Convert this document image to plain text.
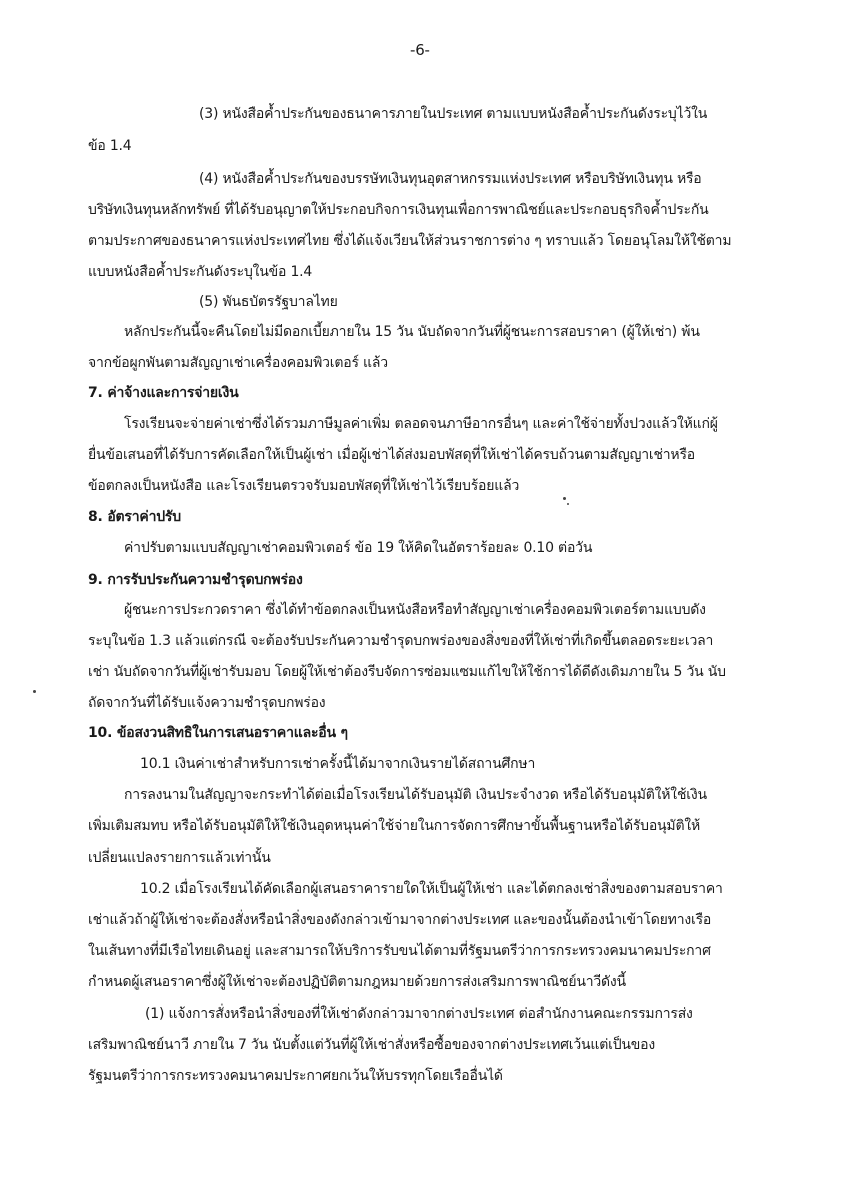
-6-
(3) หนังสือค้ำประกันของธนาคารภายในประเทศ ตามแบบหนังสือค้ำประกันดังระบุไว้ใน
ข้อ 1.4
(4) หนังสือค้ำประกันของบรรษัทเงินทุนอุตสาหกรรมแห่งประเทศ หรือบริษัทเงินทุน หรือ
บริษัทเงินทุนหลักทรัพย์ ที่ได้รับอนุญาตให้ประกอบกิจการเงินทุนเพื่อการพาณิชย์และประกอบธุรกิจค้ำประกัน
ตามประกาศของธนาคารแห่งประเทศไทย ซึ่งได้แจ้งเวียนให้ส่วนราชการต่าง ๆ ทราบแล้ว โดยอนุโลมให้ใช้ตาม
แบบหนังสือค้ำประกันดังระบุในข้อ 1.4
(5) พันธบัตรรัฐบาลไทย
หลักประกันนี้จะคืนโดยไม่มีดอกเบี้ยภายใน 15 วัน นับถัดจากวันที่ผู้ชนะการสอบราคา (ผู้ให้เช่า) พ้น
จากข้อผูกพันตามสัญญาเช่าเครื่องคอมพิวเตอร์ แล้ว
7. ค่าจ้างและการจ่ายเงิน
โรงเรียนจะจ่ายค่าเช่าซึ่งได้รวมภาษีมูลค่าเพิ่ม ตลอดจนภาษีอากรอื่นๆ และค่าใช้จ่ายทั้งปวงแล้วให้แก่ผู้
ยื่นข้อเสนอที่ได้รับการคัดเลือกให้เป็นผู้เช่า เมื่อผู้เช่าได้ส่งมอบพัสดุที่ให้เช่าได้ครบถ้วนตามสัญญาเช่าหรือ
ข้อตกลงเป็นหนังสือ และโรงเรียนตรวจรับมอบพัสดุที่ให้เช่าไว้เรียบร้อยแล้ว
8. อัตราค่าปรับ
ค่าปรับตามแบบสัญญาเช่าคอมพิวเตอร์ ข้อ 19 ให้คิดในอัตราร้อยละ 0.10 ต่อวัน
9. การรับประกันความชำรุดบกพร่อง
ผู้ชนะการประกวดราคา ซึ่งได้ทำข้อตกลงเป็นหนังสือหรือทำสัญญาเช่าเครื่องคอมพิวเตอร์ตามแบบดัง
ระบุในข้อ 1.3 แล้วแต่กรณี จะต้องรับประกันความชำรุดบกพร่องของสิ่งของที่ให้เช่าที่เกิดขึ้นตลอดระยะเวลา
เช่า นับถัดจากวันที่ผู้เช่ารับมอบ โดยผู้ให้เช่าต้องรีบจัดการซ่อมแซมแก้ไขให้ใช้การได้ดีดังเดิมภายใน 5 วัน นับ
ถัดจากวันที่ได้รับแจ้งความชำรุดบกพร่อง
10. ข้อสงวนสิทธิในการเสนอราคาและอื่น ๆ
10.1 เงินค่าเช่าสำหรับการเช่าครั้งนี้ได้มาจากเงินรายได้สถานศึกษา
การลงนามในสัญญาจะกระทำได้ต่อเมื่อโรงเรียนได้รับอนุมัติ เงินประจำงวด หรือได้รับอนุมัติให้ใช้เงิน
เพิ่มเติมสมทบ หรือได้รับอนุมัติให้ใช้เงินอุดหนุนค่าใช้จ่ายในการจัดการศึกษาขั้นพื้นฐานหรือได้รับอนุมัติให้
เปลี่ยนแปลงรายการแล้วเท่านั้น
10.2 เมื่อโรงเรียนได้คัดเลือกผู้เสนอราคารายใดให้เป็นผู้ให้เช่า และได้ตกลงเช่าสิ่งของตามสอบราคา
เช่าแล้วถ้าผู้ให้เช่าจะต้องสั่งหรือนำสิ่งของดังกล่าวเข้ามาจากต่างประเทศ และของนั้นต้องนำเข้าโดยทางเรือ
ในเส้นทางที่มีเรือไทยเดินอยู่ และสามารถให้บริการรับขนได้ตามที่รัฐมนตรีว่าการกระทรวงคมนาคมประกาศ
กำหนดผู้เสนอราคาซึ่งผู้ให้เช่าจะต้องปฏิบัติตามกฎหมายด้วยการส่งเสริมการพาณิชย์นาวีดังนี้
(1) แจ้งการสั่งหรือนำสิ่งของที่ให้เช่าดังกล่าวมาจากต่างประเทศ ต่อสำนักงานคณะกรรมการส่ง
เสริมพาณิชย์นาวี ภายใน 7 วัน นับตั้งแต่วันที่ผู้ให้เช่าสั่งหรือซื้อของจากต่างประเทศเว้นแต่เป็นของ
รัฐมนตรีว่าการกระทรวงคมนาคมประกาศยกเว้นให้บรรทุกโดยเรืออื่นได้
